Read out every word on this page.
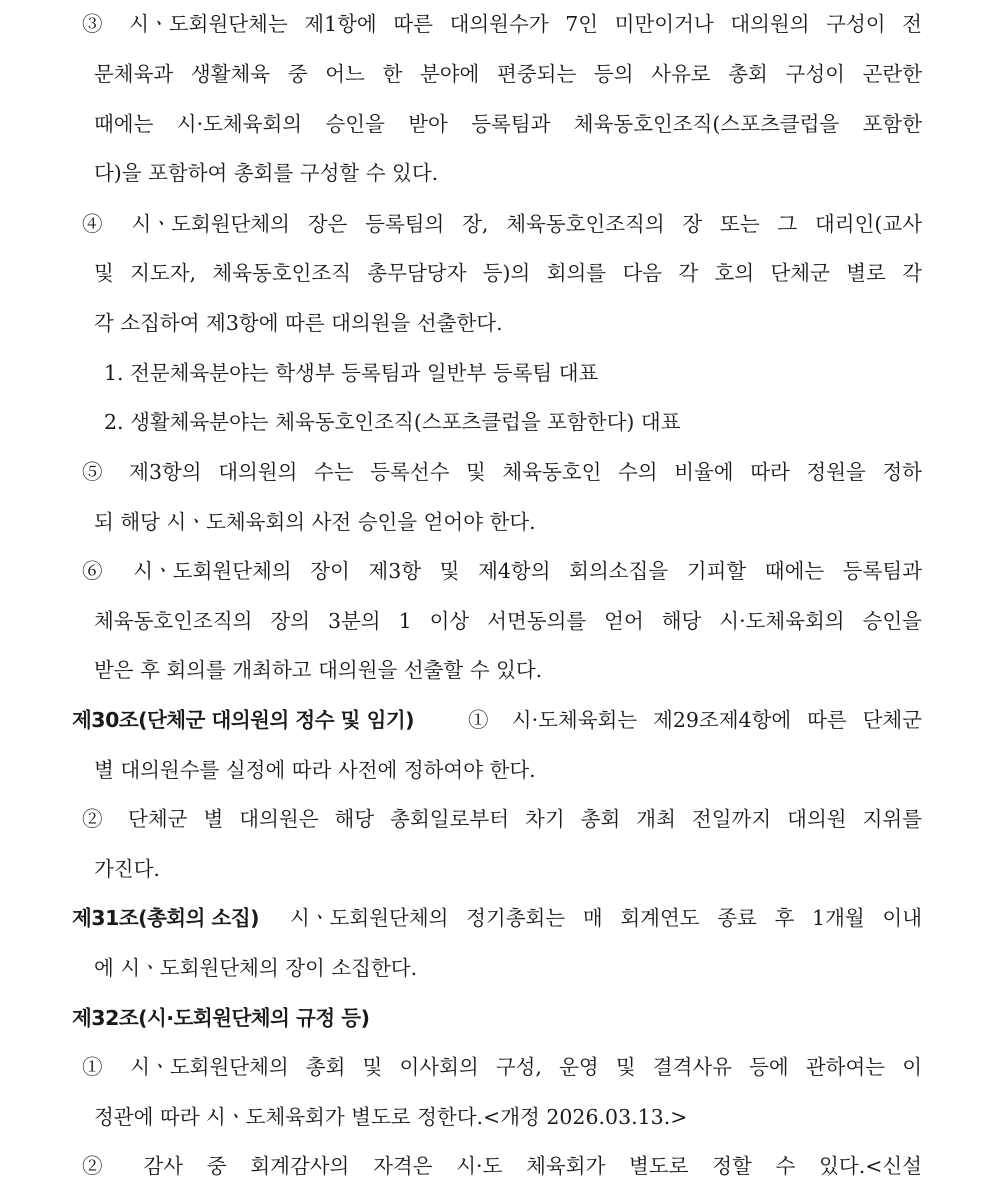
③ 시ㆍ도회원단체는 제1항에 따른 대의원수가 7인 미만이거나 대의원의 구성이 전
문체육과 생활체육 중 어느 한 분야에 편중되는 등의 사유로 총회 구성이 곤란한
때에는 시·도체육회의 승인을 받아 등록팀과 체육동호인조직(스포츠클럽을 포함한
다)을 포함하여 총회를 구성할 수 있다.
④ 시ㆍ도회원단체의 장은 등록팀의 장, 체육동호인조직의 장 또는 그 대리인(교사
및 지도자, 체육동호인조직 총무담당자 등)의 회의를 다음 각 호의 단체군 별로 각
각 소집하여 제3항에 따른 대의원을 선출한다.
1. 전문체육분야는 학생부 등록팀과 일반부 등록팀 대표
2. 생활체육분야는 체육동호인조직(스포츠클럽을 포함한다) 대표
⑤ 제3항의 대의원의 수는 등록선수 및 체육동호인 수의 비율에 따라 정원을 정하
되 해당 시ㆍ도체육회의 사전 승인을 얻어야 한다.
⑥ 시ㆍ도회원단체의 장이 제3항 및 제4항의 회의소집을 기피할 때에는 등록팀과
체육동호인조직의 장의 3분의 1 이상 서면동의를 얻어 해당 시·도체육회의 승인을
받은 후 회의를 개최하고 대의원을 선출할 수 있다.
제30조(단체군 대의원의 정수 및 임기)	① 시·도체육회는 제29조제4항에 따른 단체군
별 대의원수를 실정에 따라 사전에 정하여야 한다.
② 단체군 별 대의원은 해당 총회일로부터 차기 총회 개최 전일까지 대의원 지위를
가진다.
제31조(총회의 소집) 시ㆍ도회원단체의 정기총회는 매 회계연도 종료 후 1개월 이내
에 시ㆍ도회원단체의 장이 소집한다.
제32조(시·도회원단체의 규정 등)
① 시ㆍ도회원단체의 총회 및 이사회의 구성, 운영 및 결격사유 등에 관하여는 이
정관에 따라 시ㆍ도체육회가 별도로 정한다.<개정 2026.03.13.>
② 감사 중 회계감사의 자격은 시·도 체육회가 별도로 정할 수 있다.<신설
